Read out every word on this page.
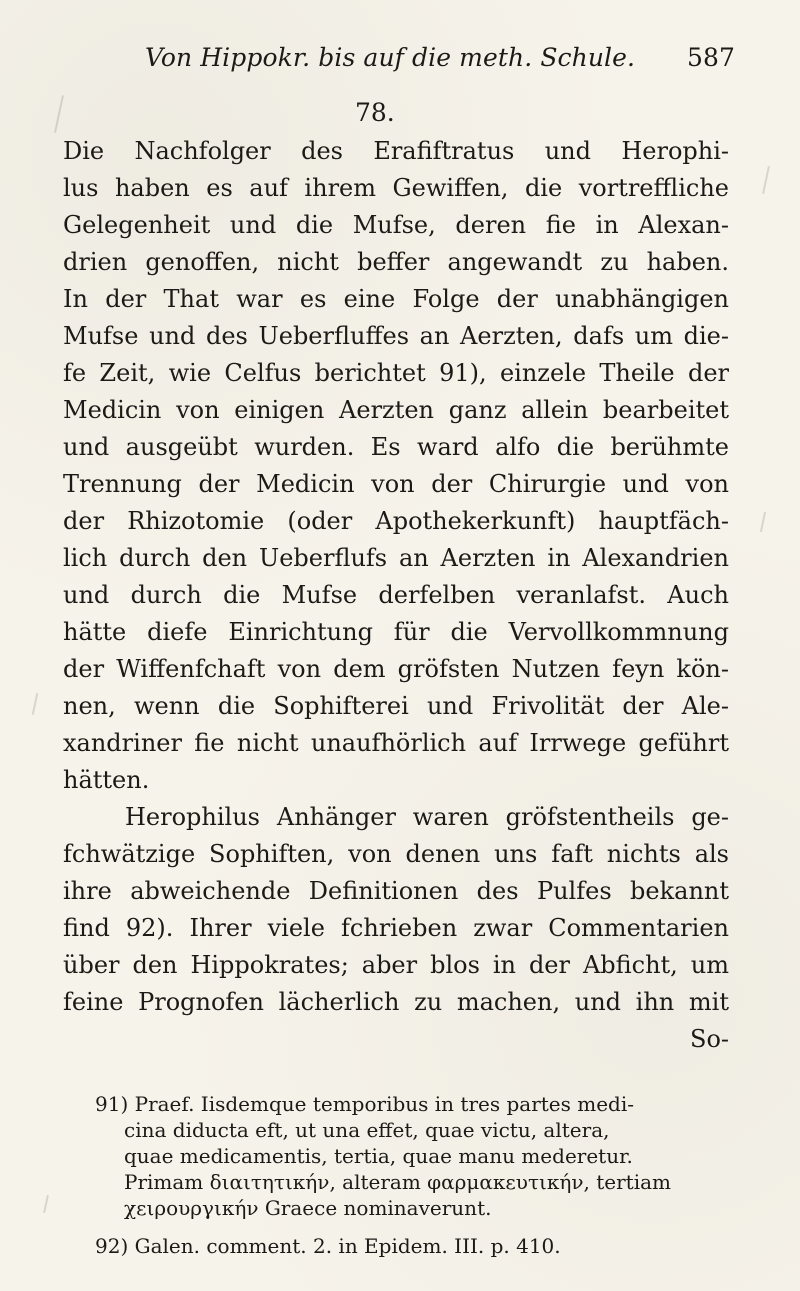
Von Hippokr. bis auf die meth. Schule. 587
78.
Die Nachfolger des Erafiftratus und Herophi-
lus haben es auf ihrem Gewiffen, die vortreffliche
Gelegenheit und die Mufse, deren fie in Alexan-
drien genoffen, nicht beffer angewandt zu haben.
In der That war es eine Folge der unabhängigen
Mufse und des Ueberfluffes an Aerzten, dafs um die-
fe Zeit, wie Celfus berichtet 91), einzele Theile der
Medicin von einigen Aerzten ganz allein bearbeitet
und ausgeübt wurden. Es ward alfo die berühmte
Trennung der Medicin von der Chirurgie und von
der Rhizotomie (oder Apothekerkunft) hauptfäch-
lich durch den Ueberflufs an Aerzten in Alexandrien
und durch die Mufse derfelben veranlafst. Auch
hätte diefe Einrichtung für die Vervollkommnung
der Wiffenfchaft von dem gröfsten Nutzen feyn kön-
nen, wenn die Sophifterei und Frivolität der Ale-
xandriner fie nicht unaufhörlich auf Irrwege geführt
hätten.
Herophilus Anhänger waren gröfstentheils ge-
fchwätzige Sophiften, von denen uns faft nichts als
ihre abweichende Definitionen des Pulfes bekannt
find 92). Ihrer viele fchrieben zwar Commentarien
über den Hippokrates; aber blos in der Abficht, um
feine Prognofen lächerlich zu machen, und ihn mit
So-
91) Praef. Iisdemque temporibus in tres partes medi-
cina diducta eft, ut una effet, quae victu, altera,
quae medicamentis, tertia, quae manu mederetur.
Primam διαιτητικήν, alteram φαρμακευτικήν, tertiam
χειρουργικήν Graece nominaverunt.
92) Galen. comment. 2. in Epidem. III. p. 410.
